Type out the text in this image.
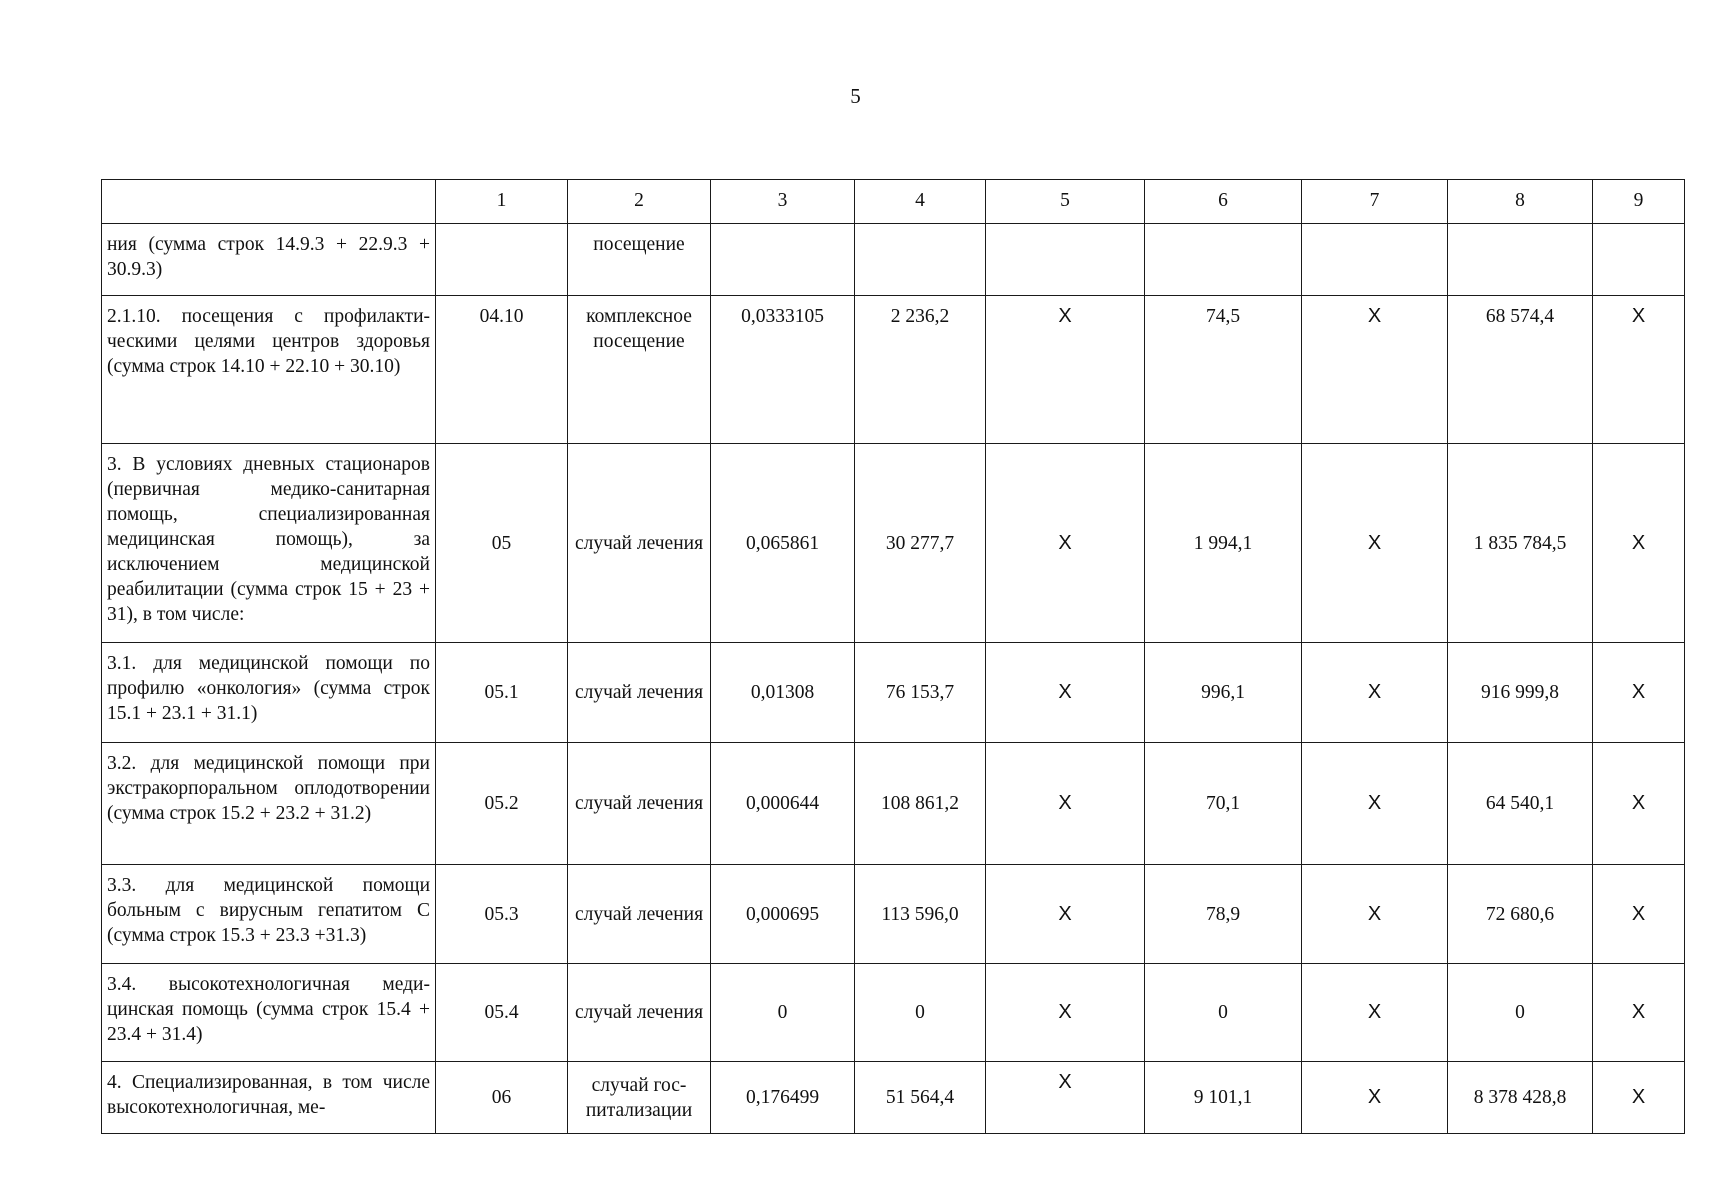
5
	1	2	3	4	5	6	7	8	9
ния (сумма строк 14.9.3 + 22.9.3 + 30.9.3)		посещение							
2.1.10. посещения с профилактическими целями центров здоровья (сумма строк 14.10 + 22.10 + 30.10)	04.10	комплексное посещение	0,0333105	2 236,2	X	74,5	X	68 574,4	X
3. В условиях дневных стационаров (первичная медико-санитарная помощь, специализированная медицинская помощь), за исключением медицинской реабилитации (сумма строк 15 + 23 + 31), в том числе:	05	случай лечения	0,065861	30 277,7	X	1 994,1	X	1 835 784,5	X
3.1. для медицинской помощи по профилю «онкология» (сумма строк 15.1 + 23.1 + 31.1)	05.1	случай лечения	0,01308	76 153,7	X	996,1	X	916 999,8	X
3.2. для медицинской помощи при экстракорпоральном оплодотворении (сумма строк 15.2 + 23.2 + 31.2)	05.2	случай лечения	0,000644	108 861,2	X	70,1	X	64 540,1	X
3.3. для медицинской помощи больным с вирусным гепатитом С (сумма строк 15.3 + 23.3 +31.3)	05.3	случай лечения	0,000695	113 596,0	X	78,9	X	72 680,6	X
3.4. высокотехнологичная медицинская помощь (сумма строк 15.4 + 23.4 + 31.4)	05.4	случай лечения	0	0	X	0	X	0	X
4. Специализированная, в том числе высокотехнологичная, ме-	06	случай госпитализации	0,176499	51 564,4	X	9 101,1	X	8 378 428,8	X
